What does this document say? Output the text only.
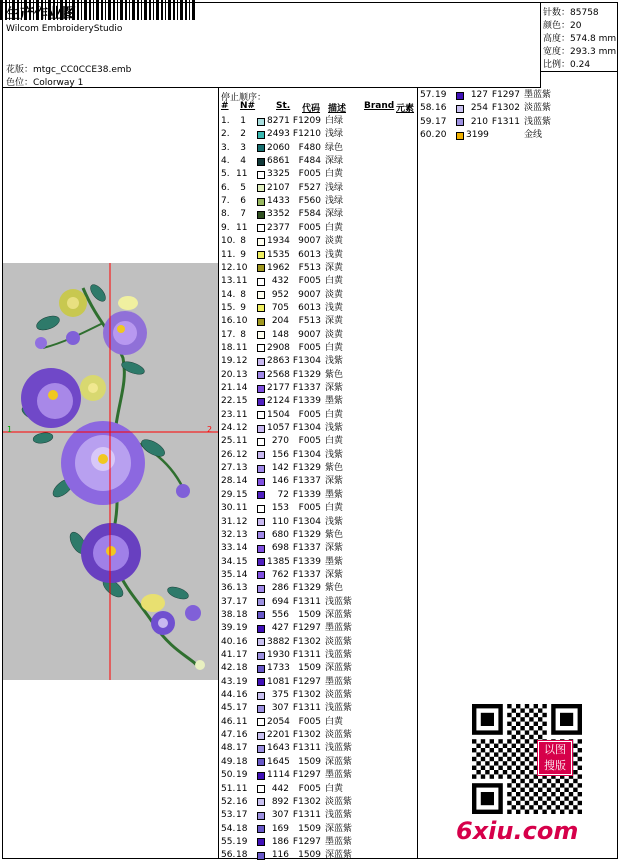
生产作业图
Wilcom EmbroideryStudio
花版：mtgc_CC0CCE38.emb
色位：Colorway 1
针数：85758
颜色：20
高度：574.8 mm
宽度：293.3 mm
比例：0.24
停止顺序：
# N# St. 代码 描述 Brand 元素
1.	1 8271 F1209 白绿
2.	2 2493 F1210 浅绿
3.	3 2060 F480 绿色
4.	4 6861 F484 深绿
5. 11 3325 F005 白黄
6.	5 2107 F527 浅绿
7.	6 1433 F560 浅绿
8.	7 3352 F584 深绿
9. 11 2377 F005 白黄
10. 8 1934 9007 淡黄
11. 9 1535 6013 浅黄
12. 10 1962 F513 深黄
13. 11	432	F005 白黄
14. 8	952	9007 淡黄
15. 9	705	6013 浅黄
16. 10	204	F513 深黄
17. 8	148	9007 淡黄
18. 11 2908 F005 白黄
19. 12 2863 F1304 浅紫
20. 13 2568 F1329 紫色
21. 14 2177 F1337 深紫
22. 15 2124 F1339 墨紫
23. 11 1504 F005 白黄
24. 12 1057 F1304 浅紫
25. 11	270	F005 白黄
26. 12	156 F1304 浅紫
27. 13	142 F1329 紫色
28. 14	146 F1337 深紫
29. 15	72 F1339 墨紫
30. 11	153	F005 白黄
31. 12	110 F1304 浅紫
32. 13	680 F1329 紫色
33. 14	698 F1337 深紫
34. 15 1385 F1339 墨紫
35. 14	762 F1337 深紫
36. 13	286 F1329 紫色
37. 17	694 F1311 浅蓝紫
38. 18	556	1509 深蓝紫
39. 19	427 F1297 墨蓝紫
40. 16 3882 F1302 淡蓝紫
41. 17 1930 F1311 浅蓝紫
42. 18 1733 1509 深蓝紫
43. 19 1081 F1297 墨蓝紫
44. 16	375 F1302 淡蓝紫
45. 17	307 F1311 浅蓝紫
46. 11 2054 F005 白黄
47. 16 2201 F1302 淡蓝紫
48. 17 1643 F1311 浅蓝紫
49. 18 1645 1509 深蓝紫
50. 19 1114 F1297 墨蓝紫
51. 11	442	F005 白黄
52. 16	892 F1302 淡蓝紫
53. 17	307 F1311 浅蓝紫
54. 18	169	1509 深蓝紫
55. 19	186 F1297 墨蓝紫
56. 18	116	1509 深蓝紫
57. 19	127 F1297 墨蓝紫
58. 16	254 F1302 淡蓝紫
59. 17	210 F1311 浅蓝紫
60. 20 3199	金线
1	2
以图搜版
6xiu.com
